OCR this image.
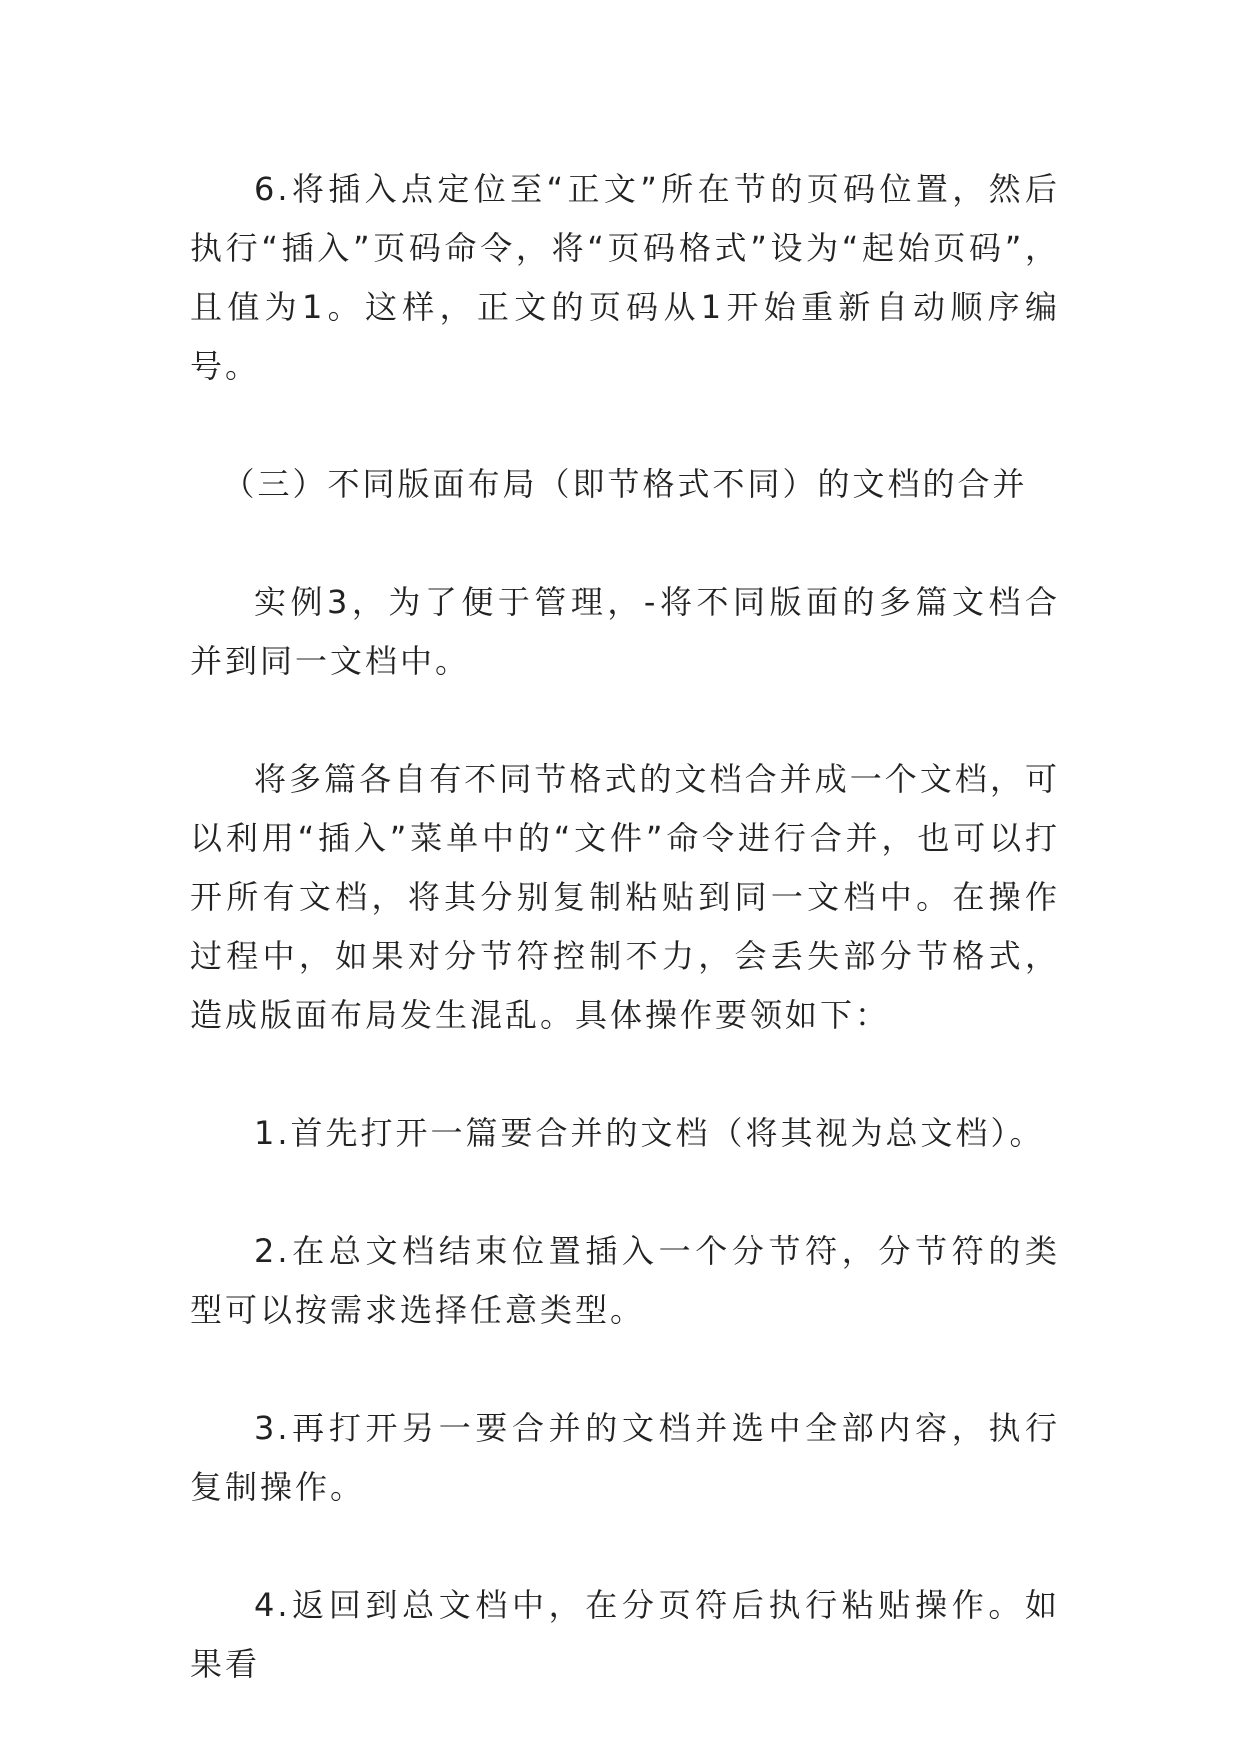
6.将插入点定位至“正文”所在节的页码位置，然后执行“插入”页码命令，将“页码格式”设为“起始页码”，且值为1。这样，正文的页码从1开始重新自动顺序编号。

（三）不同版面布局（即节格式不同）的文档的合并

实例3，为了便于管理，-将不同版面的多篇文档合并到同一文档中。

将多篇各自有不同节格式的文档合并成一个文档，可以利用“插入”菜单中的“文件”命令进行合并，也可以打开所有文档，将其分别复制粘贴到同一文档中。在操作过程中，如果对分节符控制不力，会丢失部分节格式，造成版面布局发生混乱。具体操作要领如下：

1.首先打开一篇要合并的文档（将其视为总文档）。

2.在总文档结束位置插入一个分节符，分节符的类型可以按需求选择任意类型。

3.再打开另一要合并的文档并选中全部内容，执行复制操作。

4.返回到总文档中，在分页符后执行粘贴操作。如果看
